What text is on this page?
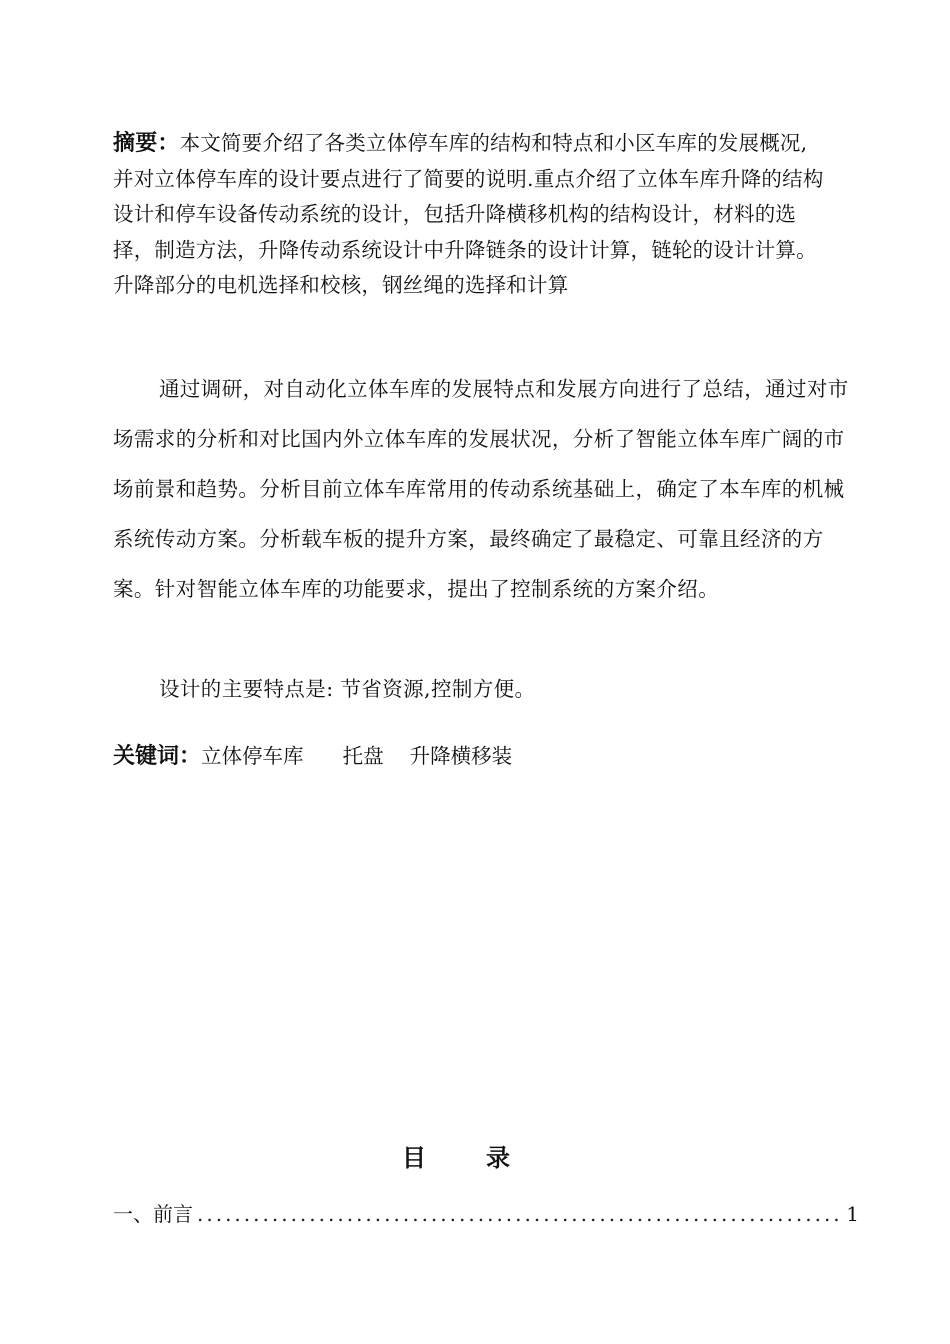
摘要：本文简要介绍了各类立体停车库的结构和特点和小区车库的发展概况,并对立体停车库的设计要点进行了简要的说明.重点介绍了立体车库升降的结构设计和停车设备传动系统的设计，包括升降横移机构的结构设计，材料的选择，制造方法，升降传动系统设计中升降链条的设计计算，链轮的设计计算。升降部分的电机选择和校核，钢丝绳的选择和计算

通过调研，对自动化立体车库的发展特点和发展方向进行了总结，通过对市场需求的分析和对比国内外立体车库的发展状况，分析了智能立体车库广阔的市场前景和趋势。分析目前立体车库常用的传动系统基础上，确定了本车库的机械系统传动方案。分析载车板的提升方案，最终确定了最稳定、可靠且经济的方案。针对智能立体车库的功能要求，提出了控制系统的方案介绍。

设计的主要特点是: 节省资源,控制方便。

关键词：立体停车库      托盘    升降横移装

目录
一、前言
.....	1
